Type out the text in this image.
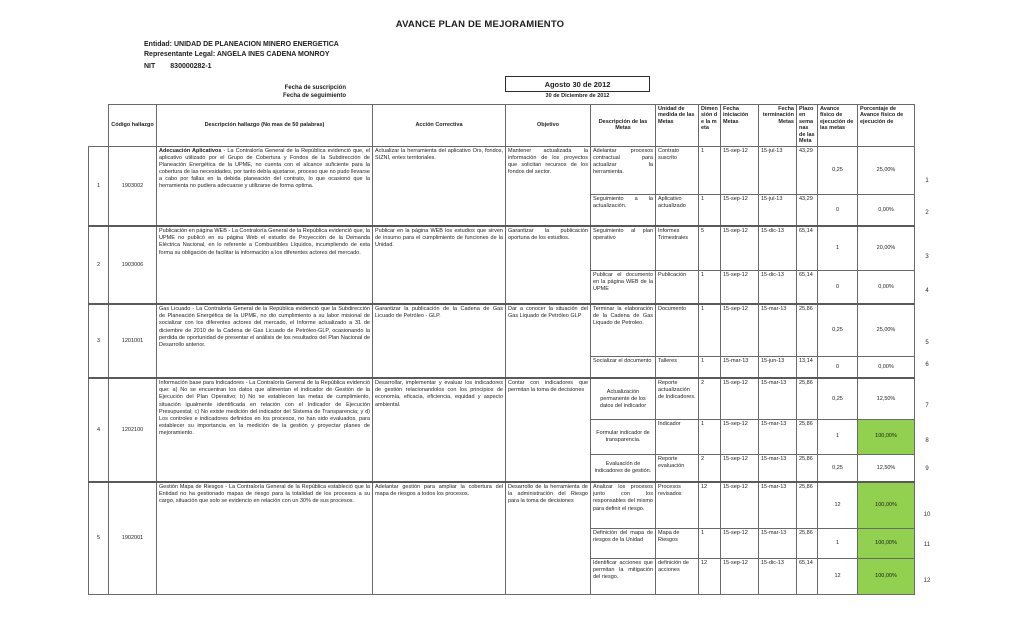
AVANCE PLAN DE MEJORAMIENTO
Entidad: UNIDAD DE PLANEACION MINERO ENERGETICA
Representante Legal: ANGELA INES CADENA MONROY
NIT 830000282-1
Fecha de suscripción
Fecha de seguimiento
Agosto 30 de 2012
30 de Diciembre de 2012
	Código hallazgo	Descripción hallazgo (No mas de 50 palabras)	Acción Correctiva	Objetivo	Descripción de las Metas	Unidad de medida de las Metas	Dimensión de la meta	Fecha iniciación Metas	Fecha terminación Metas	Plazo en semanas de las Meta	Avance físico de ejecución de las metas	Porcentaje de Avance físico de ejecución de
1	1903002	Adecuación Aplicativos - La Contraloría General de la República evidenció que, el aplicativo utilizado por el Grupo de Cobertura y Fondos de la Subdirección de Planeación Energética de la UPME, no cuenta con el alcance suficiente para la cobertura de las necesidades, por tanto debía ajustarse, proceso que no pudo llevarse a cabo por fallas en la debida planeación del contrato, lo que ocasionó que la herramienta no pudiera adecuarse y utilizarse de forma optima.	Actualizar la herramienta del aplicativo Ors, fondos, SIZNI, entes territoriales.	Mantener actualizada la información de los proyectos que solicitan recursos de los fondos del sector.	Adelantar procesos contractual para actualizar la herramienta.	Contrato suscrito	1	15-sep-12	15-jul-13	43,29	0,25	25,00%
					Seguimiento a la actualización.	Aplicativo actualizado	1	15-sep-12	15-jul-13	43,29	0	0,00%
2	1903006	Publicación en página WEB - La Contraloría General de la República evidenció que, la UPME no publicó en su página Web el estudio de Proyección de la Demanda Eléctrica Nacional, en lo referente a Combustibles Líquidos, incumpliendo de esta forma su obligación de facilitar la información a los diferentes actores del mercado.	Publicar en la página WEB los estudios que sirven de insumo para el cumplimiento de funciones de la Unidad.	Garantizar la publicación oportuna de los estudios.	Seguimiento al plan operativo	Informes Trimestrales	5	15-sep-12	15-dic-13	65,14	1	20,00%
					Publicar el documento en la página WEB de la UPME	Publicación	1	15-sep-12	15-dic-13	65,14	0	0,00%
3	1201001	Gas Licuado - La Contraloría General de la República evidenció que la Subdirección de Planeación Energética de la UPME, no dio cumplimiento a su labor misional de socializar con los diferentes actores del mercado, el Informe actualizado a 31 de diciembre de 2010 de la Cadena de Gas Licuado de Petróleo-GLP, ocasionando la perdida de oportunidad de presentar el análisis de los resultados del Plan Nacional de Desarrollo anterior.	Garantizar la publicación de la Cadena de Gas Licuado de Petróleo - GLP.	Dar a conocer la situación del Gas Liquado de Petróleo GLP	Terminar la elaboración de la Cadena de Gas Liquado de Petroleo.	Documento	1	15-sep-12	15-mar-13	25,86	0,25	25,00%
					Socializar el documento	Talleres	1	15-mar-13	15-jun-13	13,14	0	0,00%
4	1202100	Información base para Indicadores - La Contraloría General de la República evidenció que: a) No se encuentran los datos que alimentan el indicador de Gestión de la Ejecución del Plan Operativo; b) No se establecen las metas de cumplimiento, situación igualmente identificada en relación con el Indicador de Ejecución Presupuestal; c) No existe medición del indicador del Sistema de Transparencia; y d) Los controles e indicadores definidos en los procesos, no han sido evaluados, para establecer su importancia en la medición de la gestión y proyectar planes de mejoramiento.	Desarrollar, implementar y evaluar los indicadores de gestión relacionandolos con los principios de economía, eficacia, eficiencia, equidad y aspecto ambiental.	Contar con indicadores que permitan la toma de decisiones	Actualización permanente de los datos del indicador	Reporte actualización de Indicadores.	2	15-sep-12	15-mar-13	25,86	0,25	12,50%
					Formular indicador de transparencia.	Indicador	1	15-sep-12	15-mar-13	25,86	1	100,00%
					Evaluación de indicadores de gestión.	Reporte evaluación	2	15-sep-12	15-mar-13	25,86	0,25	12,50%
5	1902001	Gestión Mapa de Riesgos - La Contraloría General de la República estableció que la Entidad no ha gestionado mapas de riesgo para la totalidad de los procesos a su cargo, situación que solo se evidencio en relación con un 30% de sus procesos.	Adelantar gestión para ampliar la cobertura del mapa de riesgos a todos los procesos.	Desarrollo de la herramienta de la administración del Riesgo para la toma de decisiones	Analizar los procesos junto con los responsables del mismo para definir el riesgo.	Procesos revisados	12	15-sep-12	15-mar-13	25,86	12	100,00%
					Definición del mapa de riesgos de la Unidad	Mapa de Riesgos	1	15-sep-12	15-mar-13	25,86	1	100,00%
					Identificar acciones que permitan la mitigación del riesgo.	definición de acciones	12	15-sep-12	15-dic-13	65,14	12	100,00%
1
2
3
4
5
6
7
8
9
10
11
12
